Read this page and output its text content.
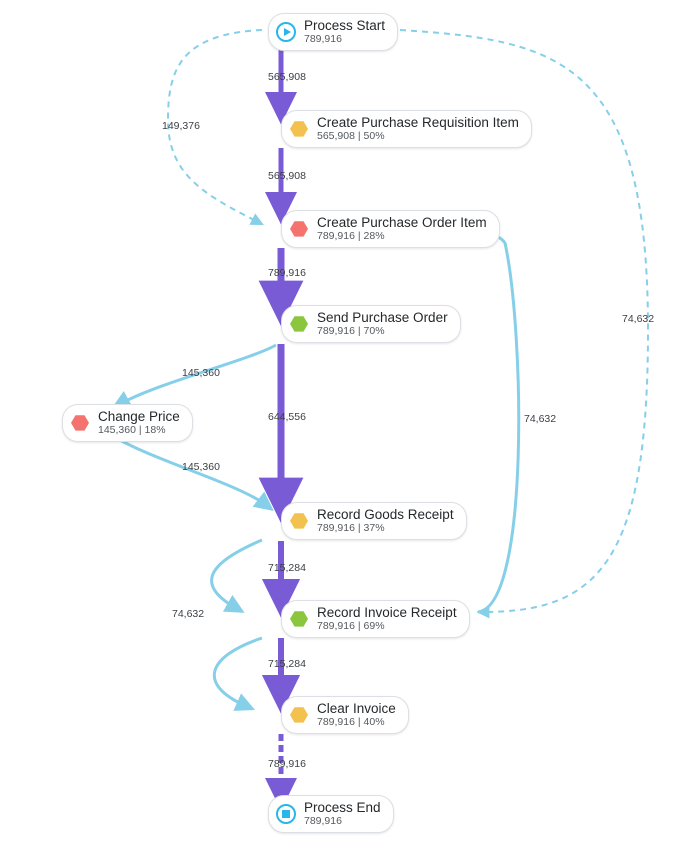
Process Start
789,916
Create Purchase Requisition Item
565,908 | 50%
Create Purchase Order Item
789,916 | 28%
Send Purchase Order
789,916 | 70%
Change Price
145,360 | 18%
Record Goods Receipt
789,916 | 37%
Record Invoice Receipt
789,916 | 69%
Clear Invoice
789,916 | 40%
Process End
789,916
565,908
149,376
565,908
789,916
145,360
644,556
145,360
74,632
74,632
715,284
74,632
715,284
789,916
